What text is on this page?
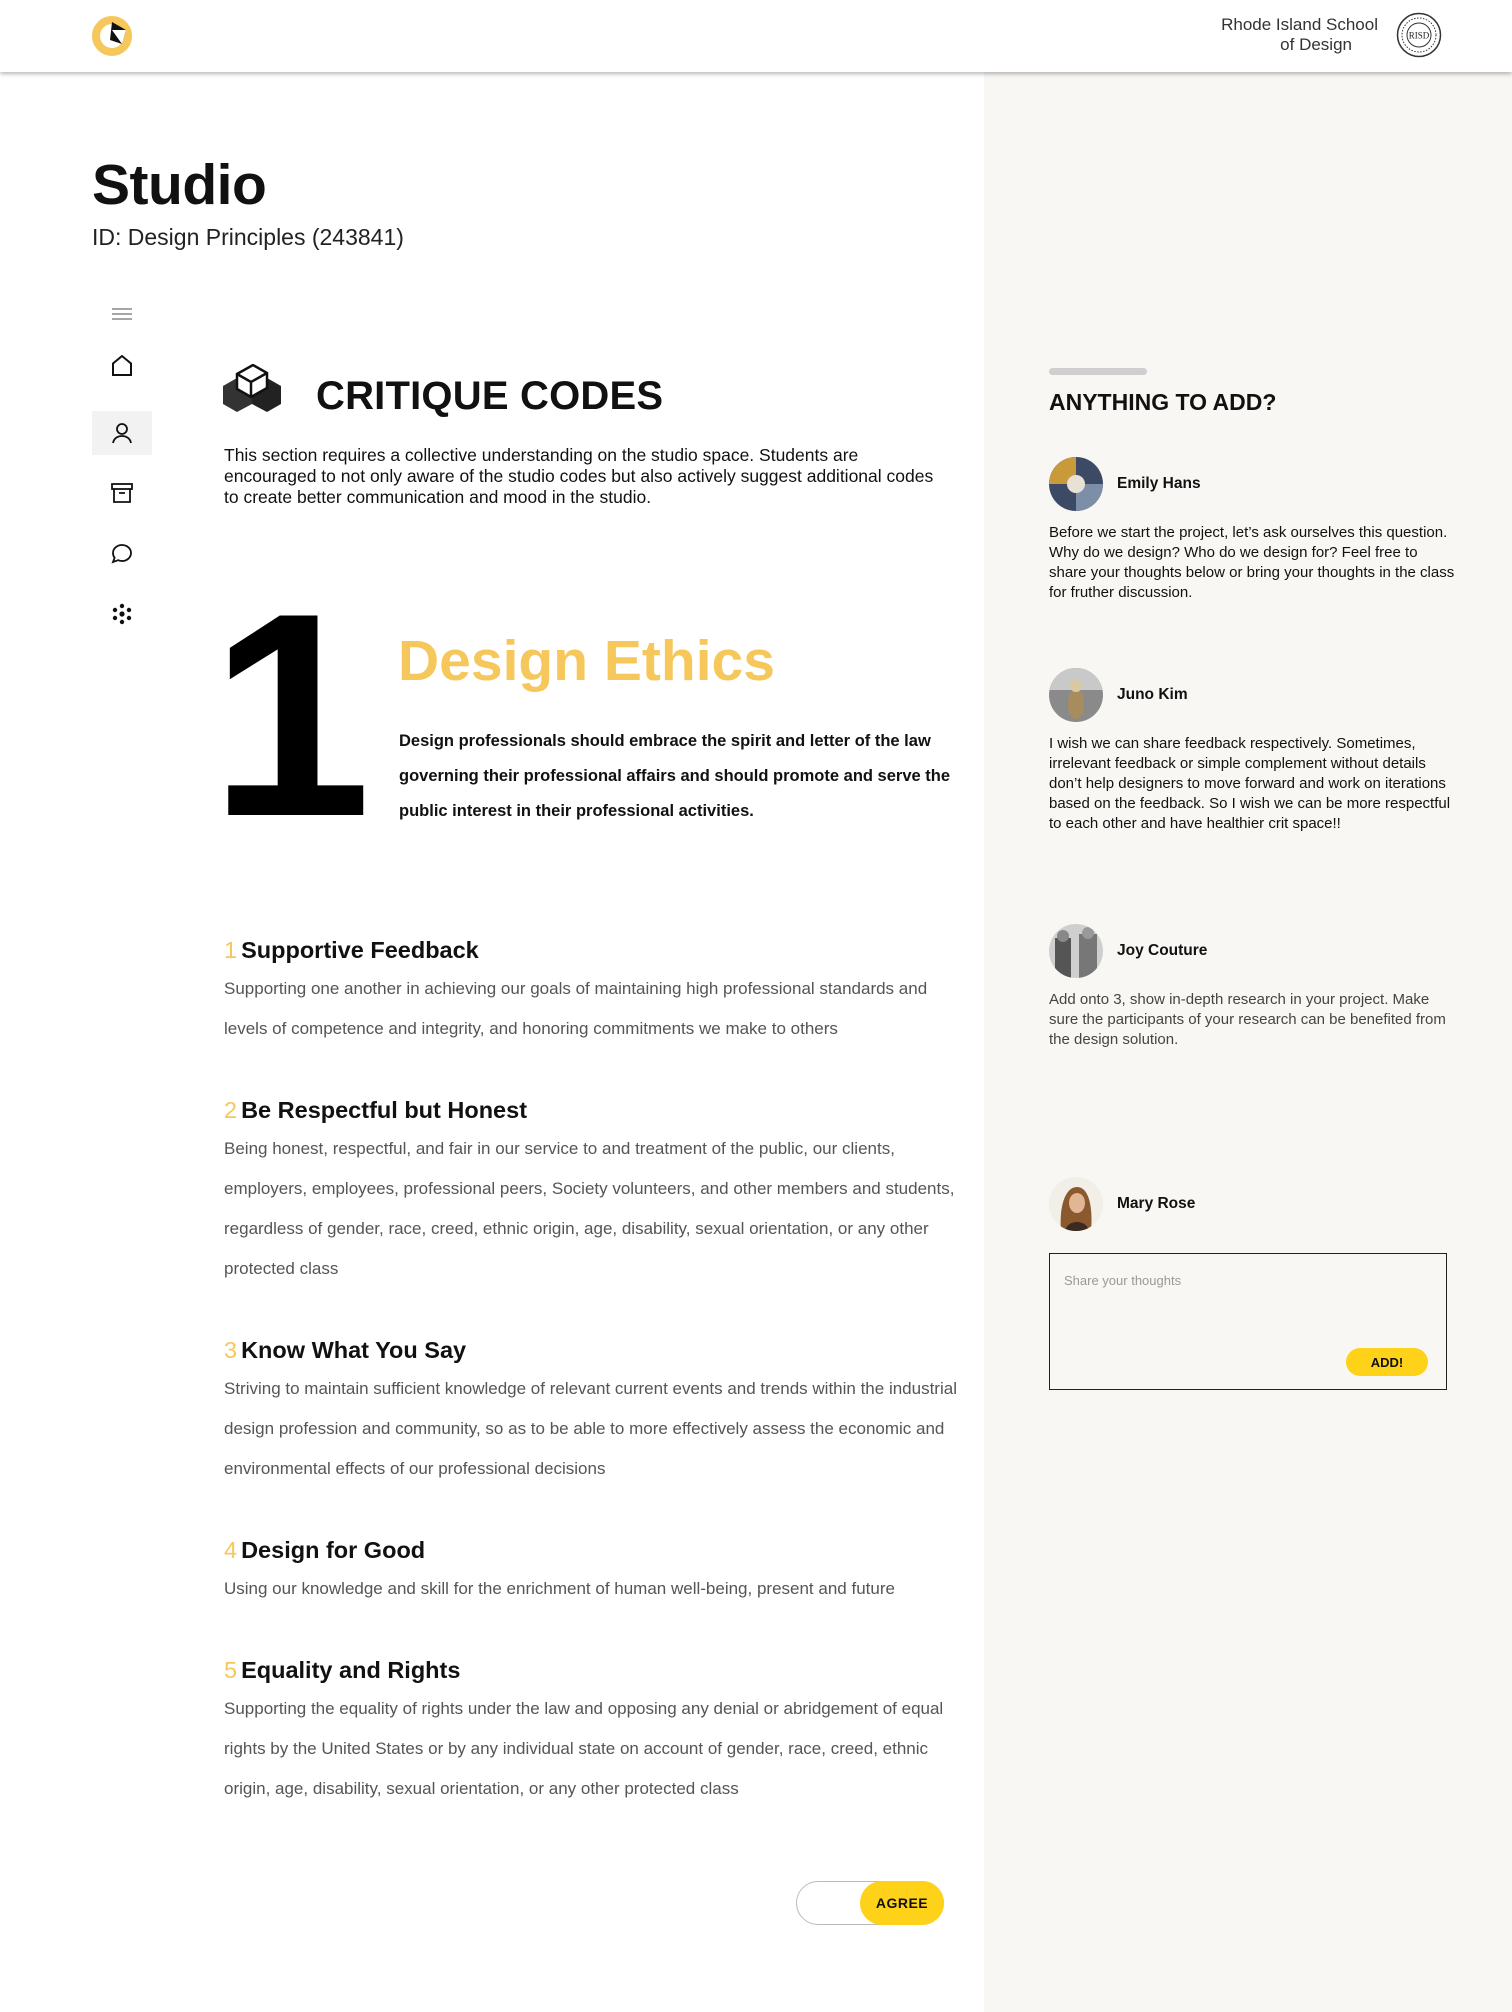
Rhode Island School
of Design	RISD
Studio
ID: Design Principles (243841)
CRITIQUE CODES

This section requires a collective understanding on the studio space. Students are encouraged to not only aware of the studio codes but also actively suggest additional codes to create better communication and mood in the studio.

1 Design Ethics

Design professionals should embrace the spirit and letter of the law governing their professional affairs and should promote and serve the public interest in their professional activities.

1 Supportive Feedback
Supporting one another in achieving our goals of maintaining high professional standards and levels of competence and integrity, and honoring commitments we make to others
2 Be Respectful but Honest
Being honest, respectful, and fair in our service to and treatment of the public, our clients, employers, employees, professional peers, Society volunteers, and other members and students, regardless of gender, race, creed, ethnic origin, age, disability, sexual orientation, or any other protected class
3 Know What You Say
Striving to maintain sufficient knowledge of relevant current events and trends within the industrial design profession and community, so as to be able to more effectively assess the economic and environmental effects of our professional decisions
4 Design for Good
Using our knowledge and skill for the enrichment of human well-being, present and future
5 Equality and Rights
Supporting the equality of rights under the law and opposing any denial or abridgement of equal rights by the United States or by any individual state on account of gender, race, creed, ethnic origin, age, disability, sexual orientation, or any other protected class
AGREE
ANYTHING TO ADD?
Emily Hans
Before we start the project, let’s ask ourselves this question. Why do we design? Who do we design for? Feel free to share your thoughts below or bring your thoughts in the class for fruther discussion.
Juno Kim
I wish we can share feedback respectively. Sometimes, irrelevant feedback or simple complement without details don’t help designers to move forward and work on iterations based on the feedback. So I wish we can be more respectful to each other and have healthier crit space!!
Joy Couture
Add onto 3, show in-depth research in your project. Make sure the participants of your research can be benefited from the design solution.
Mary Rose
Share your thoughts
ADD!
